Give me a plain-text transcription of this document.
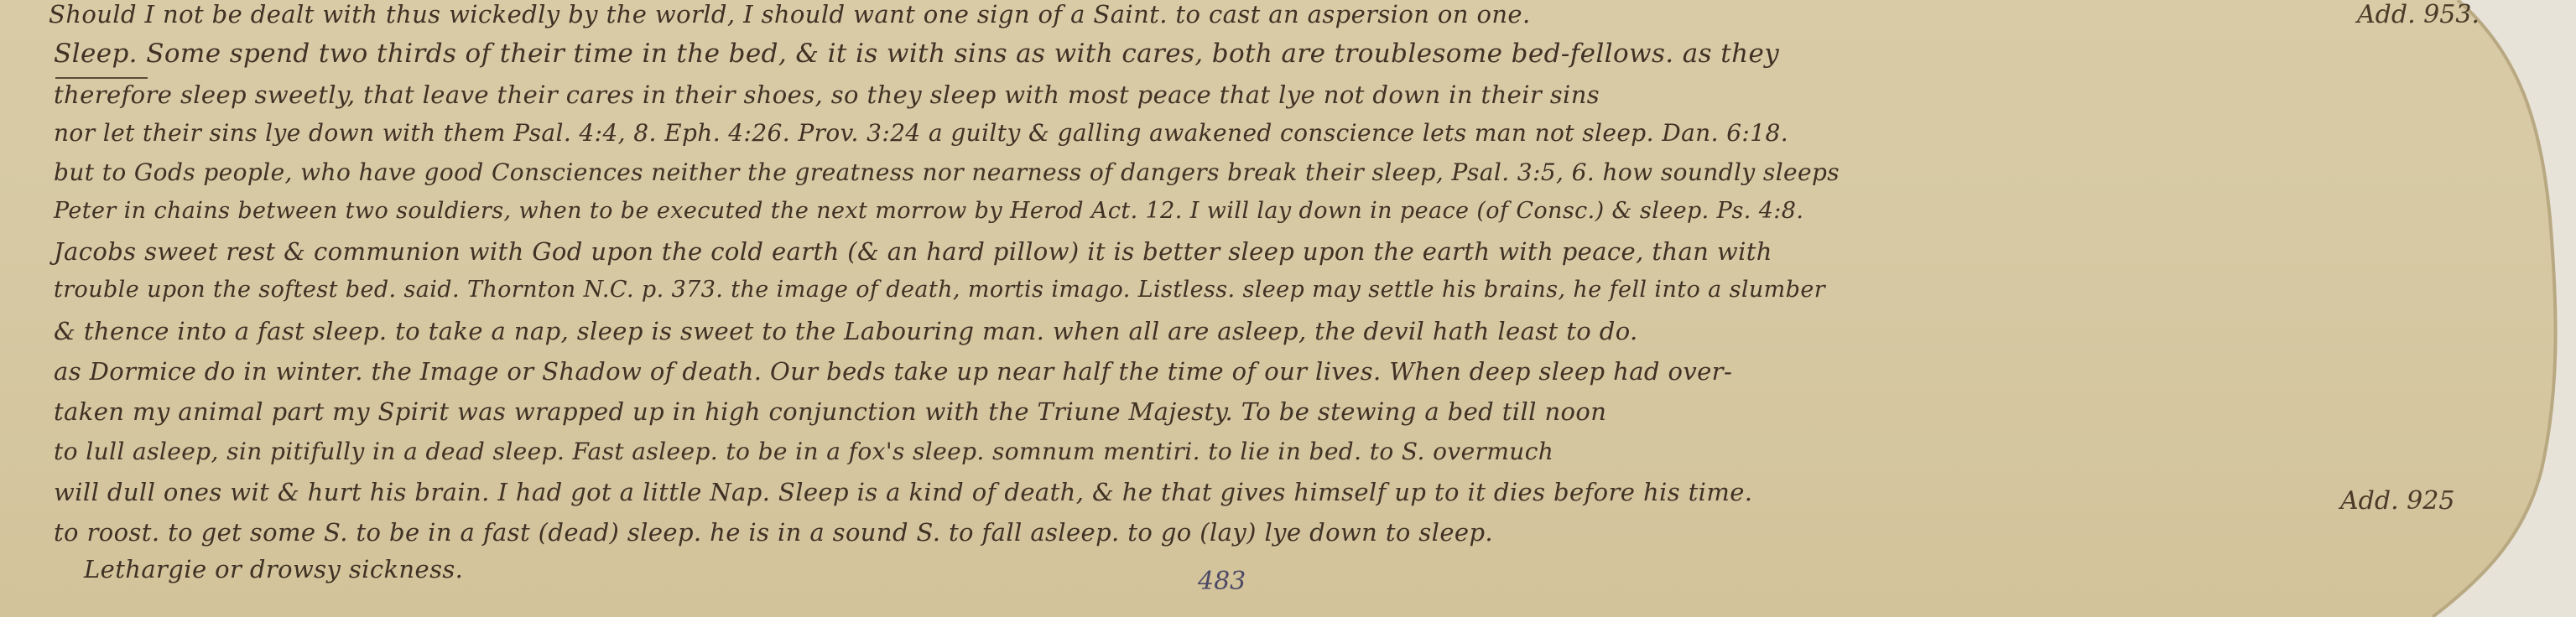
Should I not be dealt with thus wickedly by the world, I should want one sign of a Saint. to cast an aspersion on one.
Sleep. Some spend two thirds of their time in the bed, & it is with sins as with cares, both are troublesome bed-fellows. as they
therefore sleep sweetly, that leave their cares in their shoes, so they sleep with most peace that lye not down in their sins
nor let their sins lye down with them Psal. 4:4, 8. Eph. 4:26. Prov. 3:24 a guilty & galling awakened conscience lets man not sleep. Dan. 6:18.
but to Gods people, who have good Consciences neither the greatness nor nearness of dangers break their sleep, Psal. 3:5, 6. how soundly sleeps
Peter in chains between two souldiers, when to be executed the next morrow by Herod Act. 12. I will lay down in peace (of Consc.) & sleep. Ps. 4:8.
Jacobs sweet rest & communion with God upon the cold earth (& an hard pillow) it is better sleep upon the earth with peace, than with
trouble upon the softest bed. said. Thornton N.C. p. 373. the image of death, mortis imago. Listless. sleep may settle his brains, he fell into a slumber
& thence into a fast sleep. to take a nap, sleep is sweet to the Labouring man. when all are asleep, the devil hath least to do.
as Dormice do in winter. the Image or Shadow of death. Our beds take up near half the time of our lives. When deep sleep had over-
taken my animal part my Spirit was wrapped up in high conjunction with the Triune Majesty. To be stewing a bed till noon
to lull asleep, sin pitifully in a dead sleep. Fast asleep. to be in a fox's sleep. somnum mentiri. to lie in bed. to S. overmuch
will dull ones wit & hurt his brain. I had got a little Nap. Sleep is a kind of death, & he that gives himself up to it dies before his time.
to roost. to get some S. to be in a fast (dead) sleep. he is in a sound S. to fall asleep. to go (lay) lye down to sleep.
Lethargie or drowsy sickness.
Add. 953.
Add. 925
483
